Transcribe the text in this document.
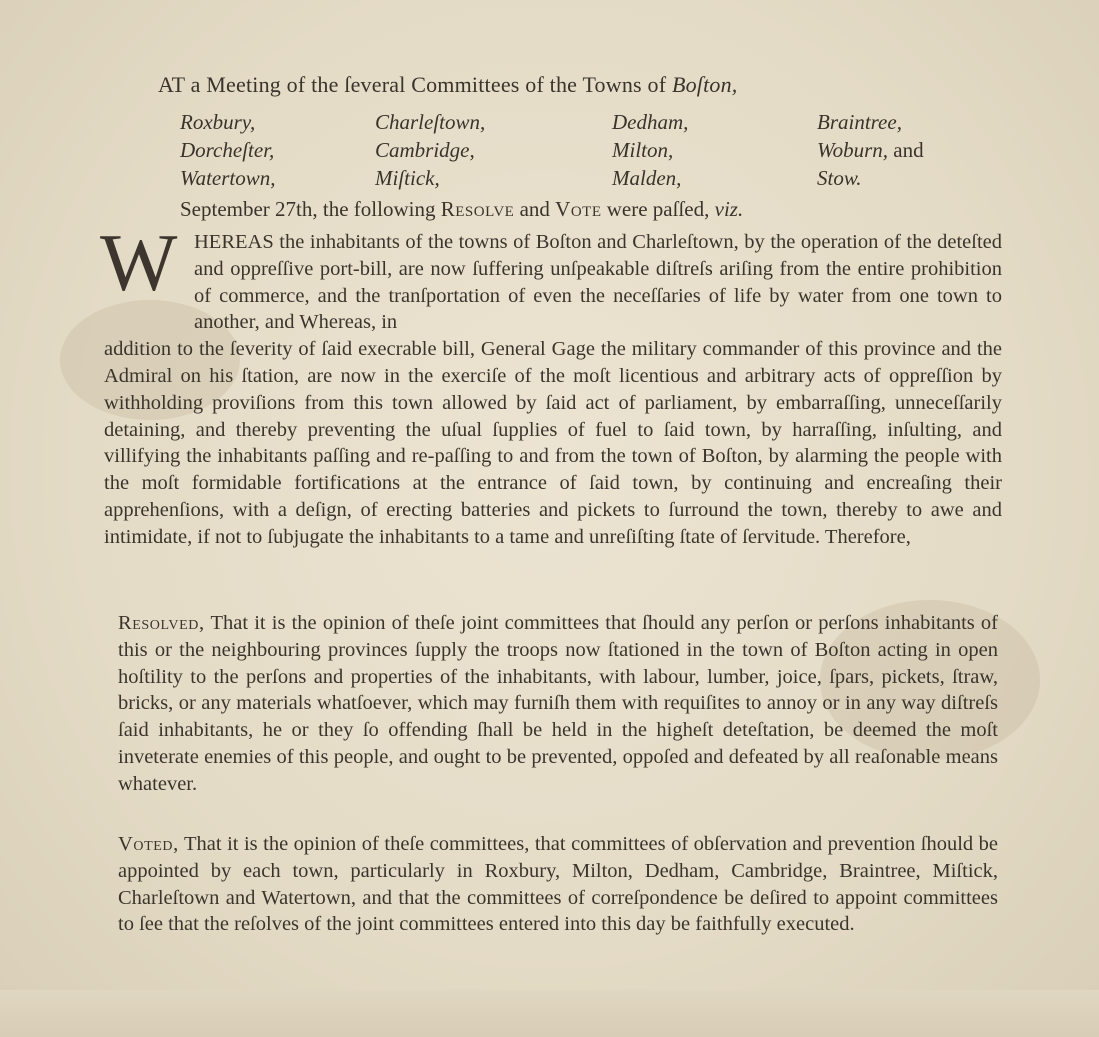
AT a Meeting of the ſeveral Committees of the Towns of Boſton,
Roxbury,	Charleſtown,	Dedham,	Braintree,
Dorcheſter,	Cambridge,	Milton,	Woburn, and
Watertown,	Miſtick,	Malden,	Stow.
September 27th, the following Resolve and Vote were paſſed, viz.
W HEREAS the inhabitants of the towns of Boſton and Charleſtown, by the operation of the deteſted and oppreſſive port-bill, are now ſuffering unſpeakable diſtreſs ariſing from the entire prohibition of commerce, and the tranſportation of even the neceſſaries of life by water from one town to another, and Whereas, in
addition to the ſeverity of ſaid execrable bill, General Gage the military commander of this province and the Admiral on his ſtation, are now in the exerciſe of the moſt licentious and arbitrary acts of oppreſſion by withholding proviſions from this town allowed by ſaid act of parliament, by embarraſſing, unneceſſarily detaining, and thereby preventing the uſual ſupplies of fuel to ſaid town, by harraſſing, inſulting, and villifying the inhabitants paſſing and re-paſſing to and from the town of Boſton, by alarming the people with the moſt formidable fortifications at the entrance of ſaid town, by continuing and encreaſing their apprehenſions, with a deſign, of erecting batteries and pickets to ſurround the town, thereby to awe and intimidate, if not to ſubjugate the inhabitants to a tame and unreſiſting ſtate of ſervitude. Therefore,
Resolved, That it is the opinion of theſe joint committees that ſhould any perſon or perſons inhabitants of this or the neighbouring provinces ſupply the troops now ſtationed in the town of Boſton acting in open hoſtility to the perſons and properties of the inhabitants, with labour, lumber, joice, ſpars, pickets, ſtraw, bricks, or any materials whatſoever, which may furniſh them with requiſites to annoy or in any way diſtreſs ſaid inhabitants, he or they ſo offending ſhall be held in the higheſt deteſtation, be deemed the moſt inveterate enemies of this people, and ought to be prevented, oppoſed and defeated by all reaſonable means whatever.
Voted, That it is the opinion of theſe committees, that committees of obſervation and prevention ſhould be appointed by each town, particularly in Roxbury, Milton, Dedham, Cambridge, Braintree, Miſtick, Charleſtown and Watertown, and that the committees of correſpondence be deſired to appoint committees to ſee that the reſolves of the joint committees entered into this day be faithfully executed.
